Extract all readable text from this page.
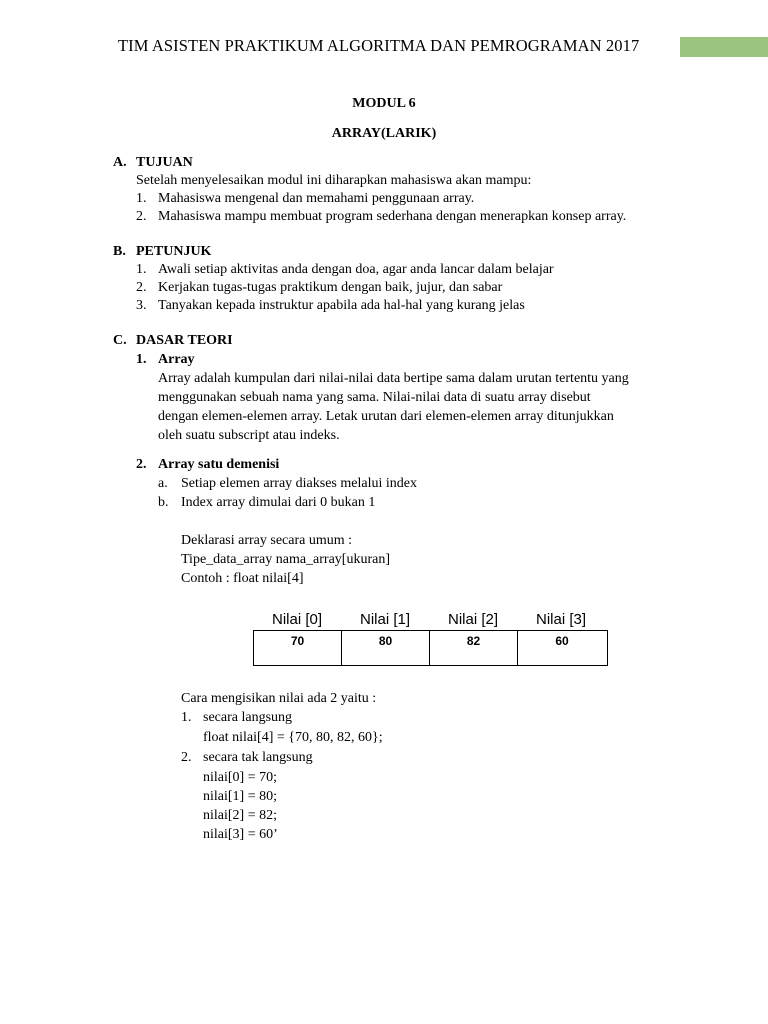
TIM ASISTEN PRAKTIKUM ALGORITMA DAN PEMROGRAMAN 2017
MODUL 6
ARRAY(LARIK)
A. TUJUAN
Setelah menyelesaikan modul ini diharapkan mahasiswa akan mampu:
1. Mahasiswa mengenal dan memahami penggunaan array.
2. Mahasiswa mampu membuat program sederhana dengan menerapkan konsep array.
B. PETUNJUK
1. Awali setiap aktivitas anda dengan doa, agar anda lancar dalam belajar
2. Kerjakan tugas-tugas praktikum dengan baik, jujur, dan sabar
3. Tanyakan kepada instruktur apabila ada hal-hal yang kurang jelas
C. DASAR TEORI
1. Array
Array adalah kumpulan dari nilai-nilai data bertipe sama dalam urutan tertentu yang
menggunakan sebuah nama yang sama. Nilai-nilai data di suatu array disebut
dengan elemen-elemen array. Letak urutan dari elemen-elemen array ditunjukkan
oleh suatu subscript atau indeks.
2. Array satu demenisi
a. Setiap elemen array diakses melalui index
b. Index array dimulai dari 0 bukan 1
Deklarasi array secara umum :
Tipe_data_array nama_array[ukuran]
Contoh : float nilai[4]
Nilai [0]	Nilai [1]	Nilai [2]	Nilai [3]
70	80	82	60
Cara mengisikan nilai ada 2 yaitu :
1. secara langsung
float nilai[4] = {70, 80, 82, 60};
2. secara tak langsung
nilai[0] = 70;
nilai[1] = 80;
nilai[2] = 82;
nilai[3] = 60’
